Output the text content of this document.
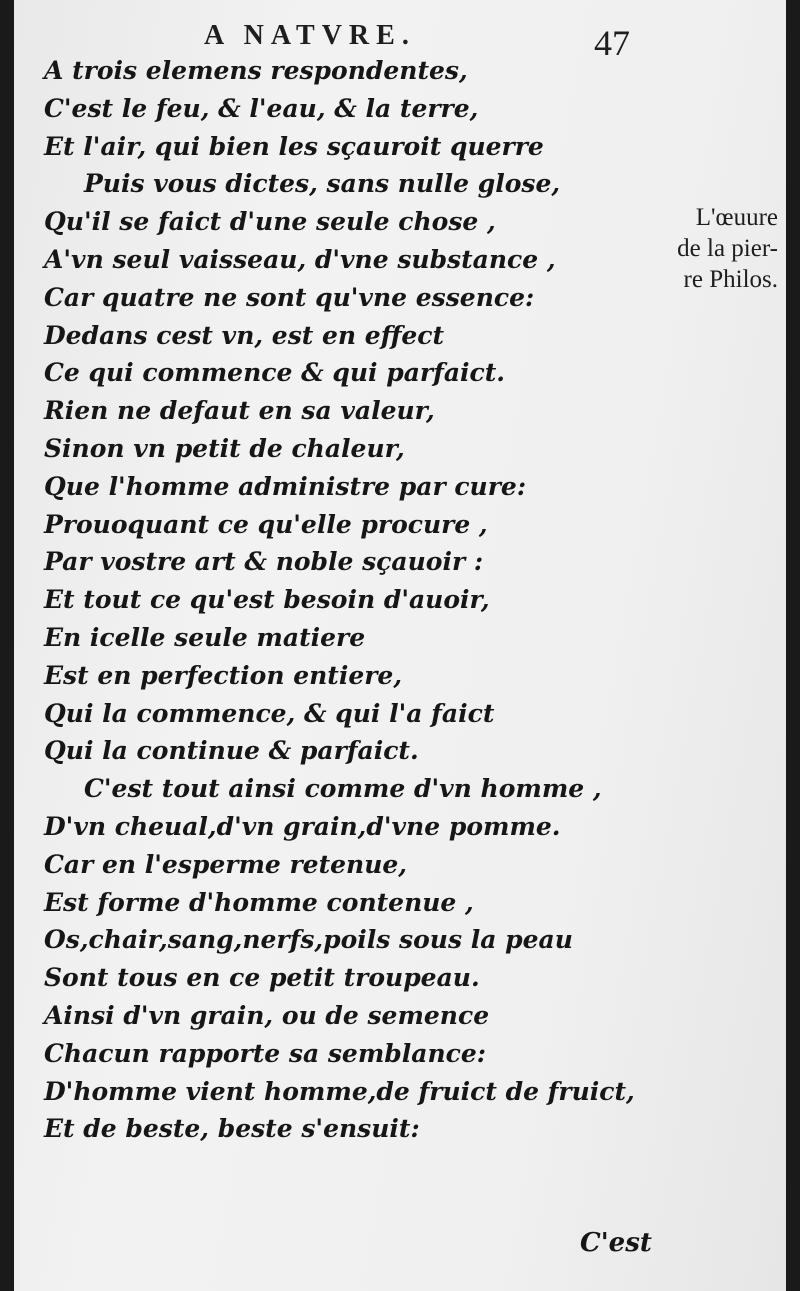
A NATVRE.	47
A trois elemens respondentes,
C'est le feu, & l'eau, & la terre,
Et l'air, qui bien les sçauroit querre
Puis vous dictes, sans nulle glose,
Qu'il se faict d'une seule chose ,
A'vn seul vaisseau, d'vne substance ,
Car quatre ne sont qu'vne essence:
Dedans cest vn, est en effect
Ce qui commence & qui parfaict.
Rien ne defaut en sa valeur,
Sinon vn petit de chaleur,
Que l'homme administre par cure:
Prouoquant ce qu'elle procure ,
Par vostre art & noble sçauoir :
Et tout ce qu'est besoin d'auoir,
En icelle seule matiere
Est en perfection entiere,
Qui la commence, & qui l'a faict
Qui la continue & parfaict.
C'est tout ainsi comme d'vn homme ,
D'vn cheual,d'vn grain,d'vne pomme.
Car en l'esperme retenue,
Est forme d'homme contenue ,
Os,chair,sang,nerfs,poils sous la peau
Sont tous en ce petit troupeau.
Ainsi d'vn grain, ou de semence
Chacun rapporte sa semblance:
D'homme vient homme,de fruict de fruict,
Et de beste, beste s'ensuit:
L'œuure
de la pier-
re Philos.
C'est
